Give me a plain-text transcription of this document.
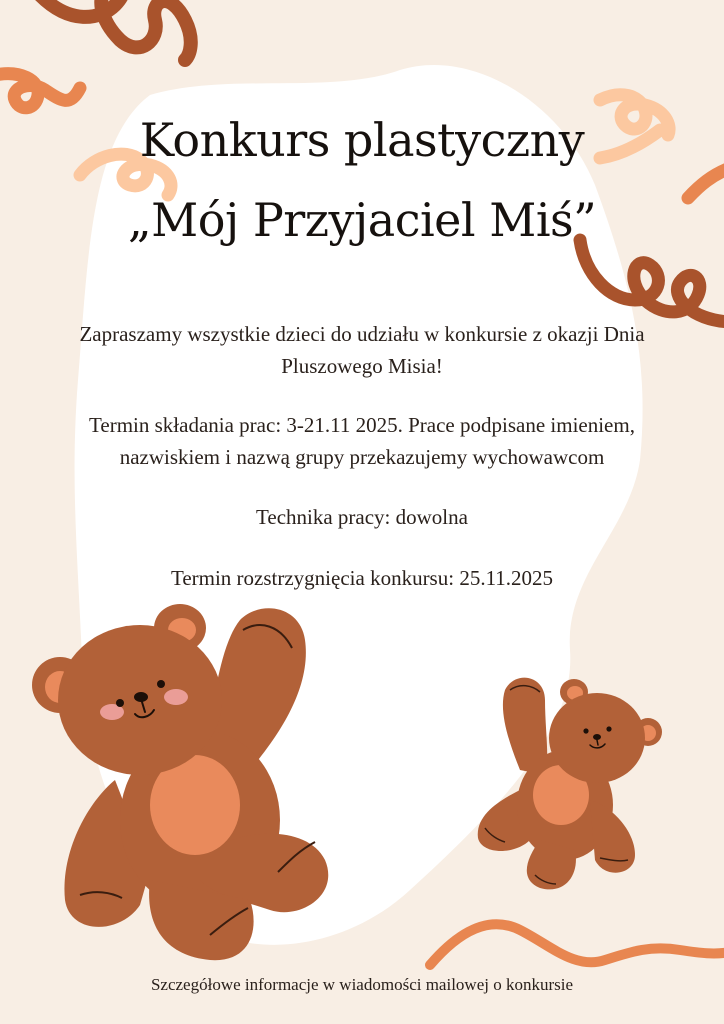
Konkurs plastyczny
„Mój Przyjaciel Miś”

Zapraszamy wszystkie dzieci do udziału w konkursie z okazji Dnia Pluszowego Misia!

Termin składania prac: 3-21.11 2025. Prace podpisane imieniem, nazwiskiem i nazwą grupy przekazujemy wychowawcom

Technika pracy: dowolna

Termin rozstrzygnięcia konkursu: 25.11.2025

Szczegółowe informacje w wiadomości mailowej o konkursie
